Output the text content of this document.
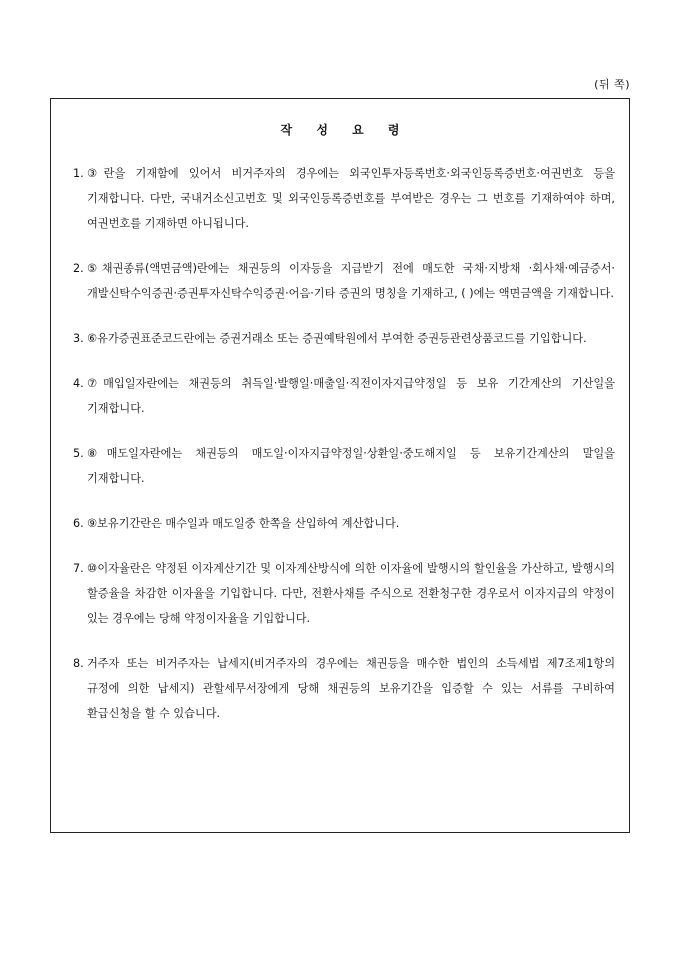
(뒤 쪽)
작 성 요 령
1. ③란을 기재함에 있어서 비거주자의 경우에는 외국인투자등록번호·외국인등록증번호·여권번호 등을 기재합니다. 다만, 국내거소신고번호 및 외국인등록증번호를 부여받은 경우는 그 번호를 기재하여야 하며, 여권번호를 기재하면 아니됩니다.
2. ⑤채권종류(액면금액)란에는 채권등의 이자등을 지급받기 전에 매도한 국채·지방채 ·회사채·예금증서·개발신탁수익증권·증권투자신탁수익증권·어음·기타 증권의 명칭을 기재하고, ( )에는 액면금액을 기재합니다.
3. ⑥유가증권표준코드란에는 증권거래소 또는 증권예탁원에서 부여한 증권등관련상품코드를 기입합니다.
4. ⑦매입일자란에는 채권등의 취득일·발행일·매출일·직전이자지급약정일 등 보유 기간계산의 기산일을 기재합니다.
5. ⑧매도일자란에는 채권등의 매도일·이자지급약정일·상환일·중도해지일 등 보유기간계산의 말일을 기재합니다.
6. ⑨보유기간란은 매수일과 매도일중 한쪽을 산입하여 계산합니다.
7. ⑩이자율란은 약정된 이자계산기간 및 이자계산방식에 의한 이자율에 발행시의 할인율을 가산하고, 발행시의 할증율을 차감한 이자율을 기입합니다. 다만, 전환사채를 주식으로 전환청구한 경우로서 이자지급의 약정이 있는 경우에는 당해 약정이자율을 기입합니다.
8. 거주자 또는 비거주자는 납세지(비거주자의 경우에는 채권등을 매수한 법인의 소득세법 제7조제1항의 규정에 의한 납세지) 관할세무서장에게 당해 채권등의 보유기간을 입증할 수 있는 서류를 구비하여 환급신청을 할 수 있습니다.
